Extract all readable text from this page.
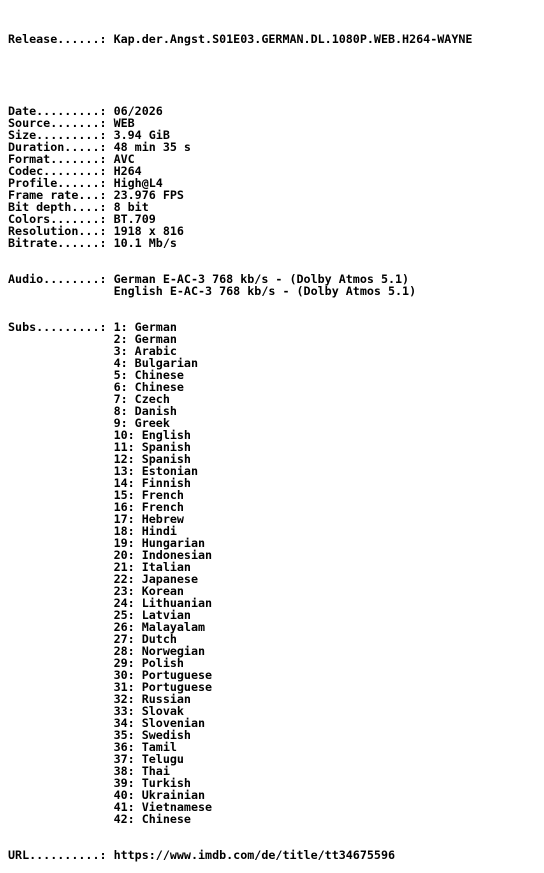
Release......: Kap.der.Angst.S01E03.GERMAN.DL.1080P.WEB.H264-WAYNE

Date.........: 06/2026
Source.......: WEB
Size.........: 3.94 GiB
Duration.....: 48 min 35 s
Format.......: AVC
Codec........: H264
Profile......: High@L4
Frame rate...: 23.976 FPS
Bit depth....: 8 bit
Colors.......: BT.709
Resolution...: 1918 x 816
Bitrate......: 10.1 Mb/s

Audio........: German E-AC-3 768 kb/s - (Dolby Atmos 5.1)
English E-AC-3 768 kb/s - (Dolby Atmos 5.1)

Subs.........: 1: German
2: German
3: Arabic
4: Bulgarian
5: Chinese
6: Chinese
7: Czech
8: Danish
9: Greek
10: English
11: Spanish
12: Spanish
13: Estonian
14: Finnish
15: French
16: French
17: Hebrew
18: Hindi
19: Hungarian
20: Indonesian
21: Italian
22: Japanese
23: Korean
24: Lithuanian
25: Latvian
26: Malayalam
27: Dutch
28: Norwegian
29: Polish
30: Portuguese
31: Portuguese
32: Russian
33: Slovak
34: Slovenian
35: Swedish
36: Tamil
37: Telugu
38: Thai
39: Turkish
40: Ukrainian
41: Vietnamese
42: Chinese

URL..........: https://www.imdb.com/de/title/tt34675596
